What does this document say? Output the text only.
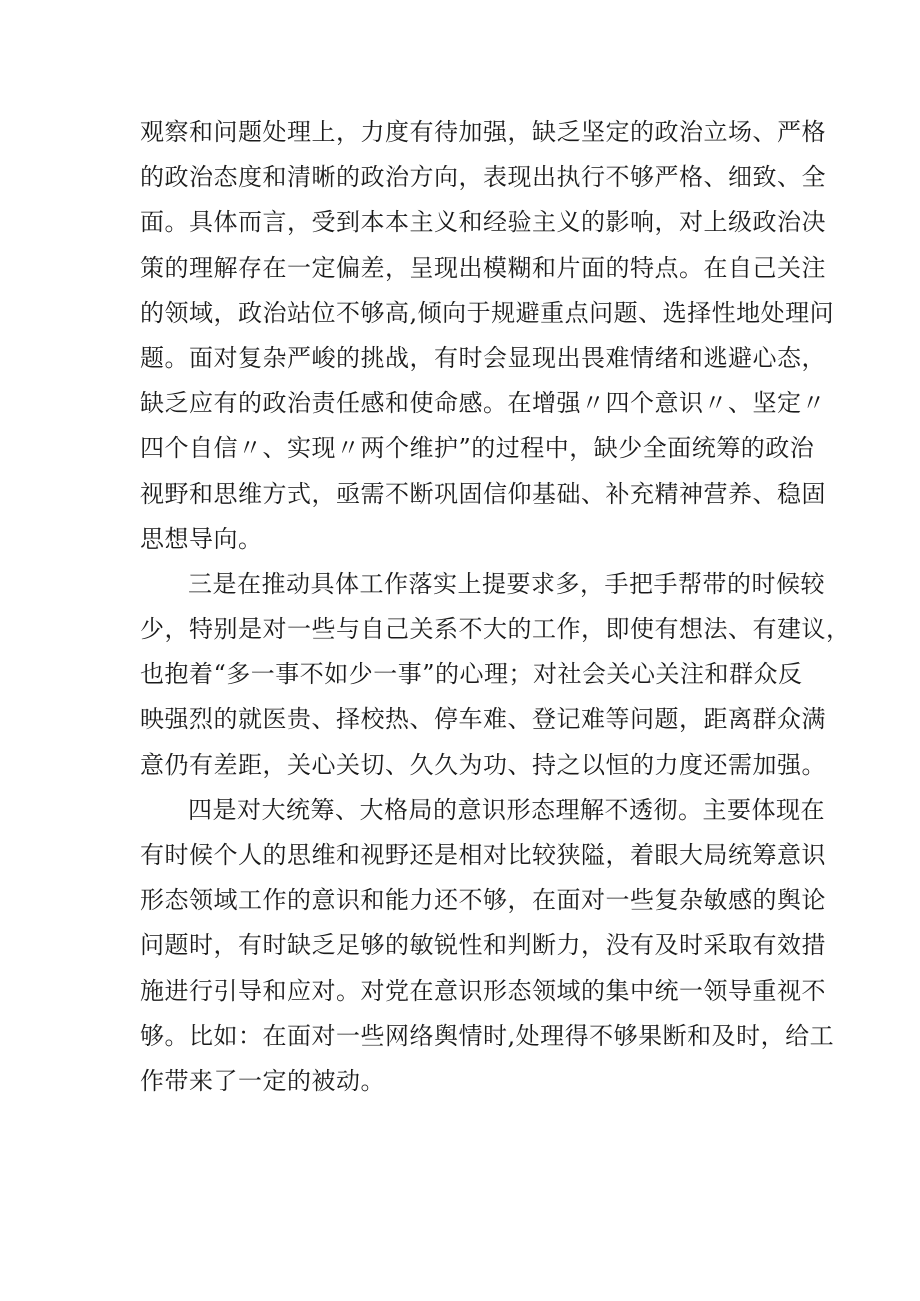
观察和问题处理上，力度有待加强，缺乏坚定的政治立场、严格
的政治态度和清晰的政治方向，表现出执行不够严格、细致、全
面。具体而言，受到本本主义和经验主义的影响，对上级政治决
策的理解存在一定偏差，呈现出模糊和片面的特点。在自己关注
的领域，政治站位不够高,倾向于规避重点问题、选择性地处理问
题。面对复杂严峻的挑战，有时会显现出畏难情绪和逃避心态，
缺乏应有的政治责任感和使命感。在增强〃四个意识〃、坚定〃
四个自信〃、实现〃两个维护”的过程中，缺少全面统筹的政治
视野和思维方式，亟需不断巩固信仰基础、补充精神营养、稳固
思想导向。
三是在推动具体工作落实上提要求多，手把手帮带的时候较
少，特别是对一些与自己关系不大的工作，即使有想法、有建议，
也抱着“多一事不如少一事”的心理；对社会关心关注和群众反
映强烈的就医贵、择校热、停车难、登记难等问题，距离群众满
意仍有差距，关心关切、久久为功、持之以恒的力度还需加强。
四是对大统筹、大格局的意识形态理解不透彻。主要体现在
有时候个人的思维和视野还是相对比较狭隘，着眼大局统筹意识
形态领域工作的意识和能力还不够，在面对一些复杂敏感的舆论
问题时，有时缺乏足够的敏锐性和判断力，没有及时采取有效措
施进行引导和应对。对党在意识形态领域的集中统一领导重视不
够。比如：在面对一些网络舆情时,处理得不够果断和及时，给工
作带来了一定的被动。
